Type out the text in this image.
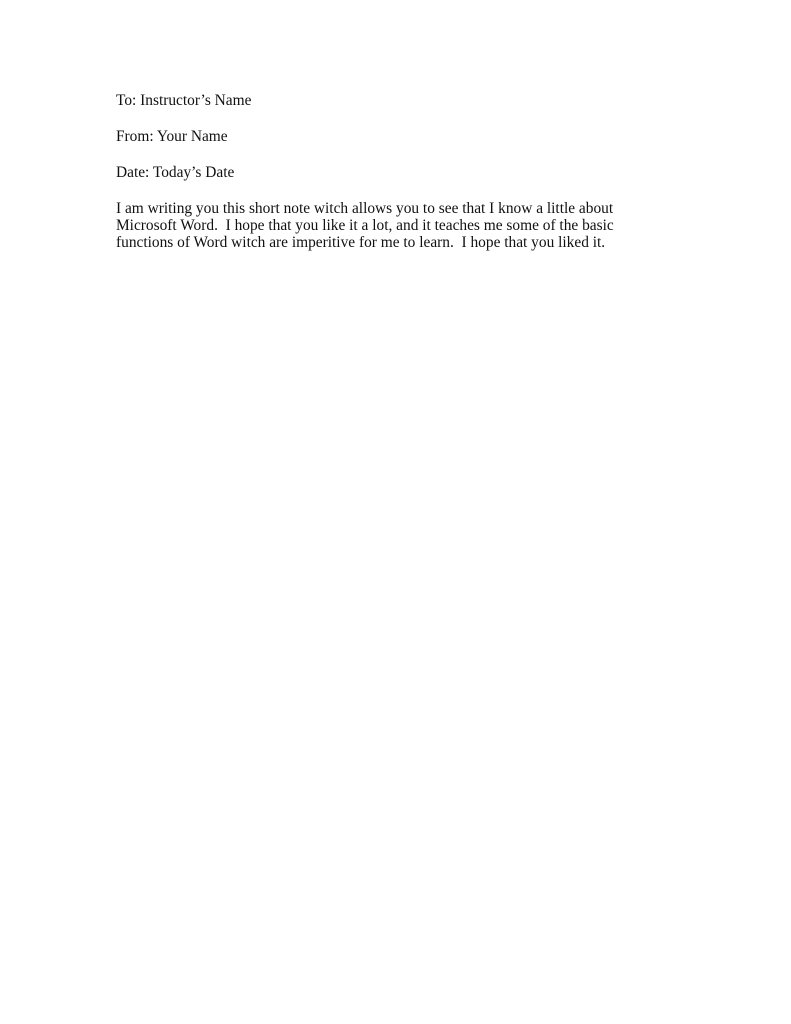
To: Instructor’s Name

From: Your Name

Date: Today’s Date

I am writing you this short note witch allows you to see that I know a little about
Microsoft Word.  I hope that you like it a lot, and it teaches me some of the basic
functions of Word witch are imperitive for me to learn.  I hope that you liked it.
